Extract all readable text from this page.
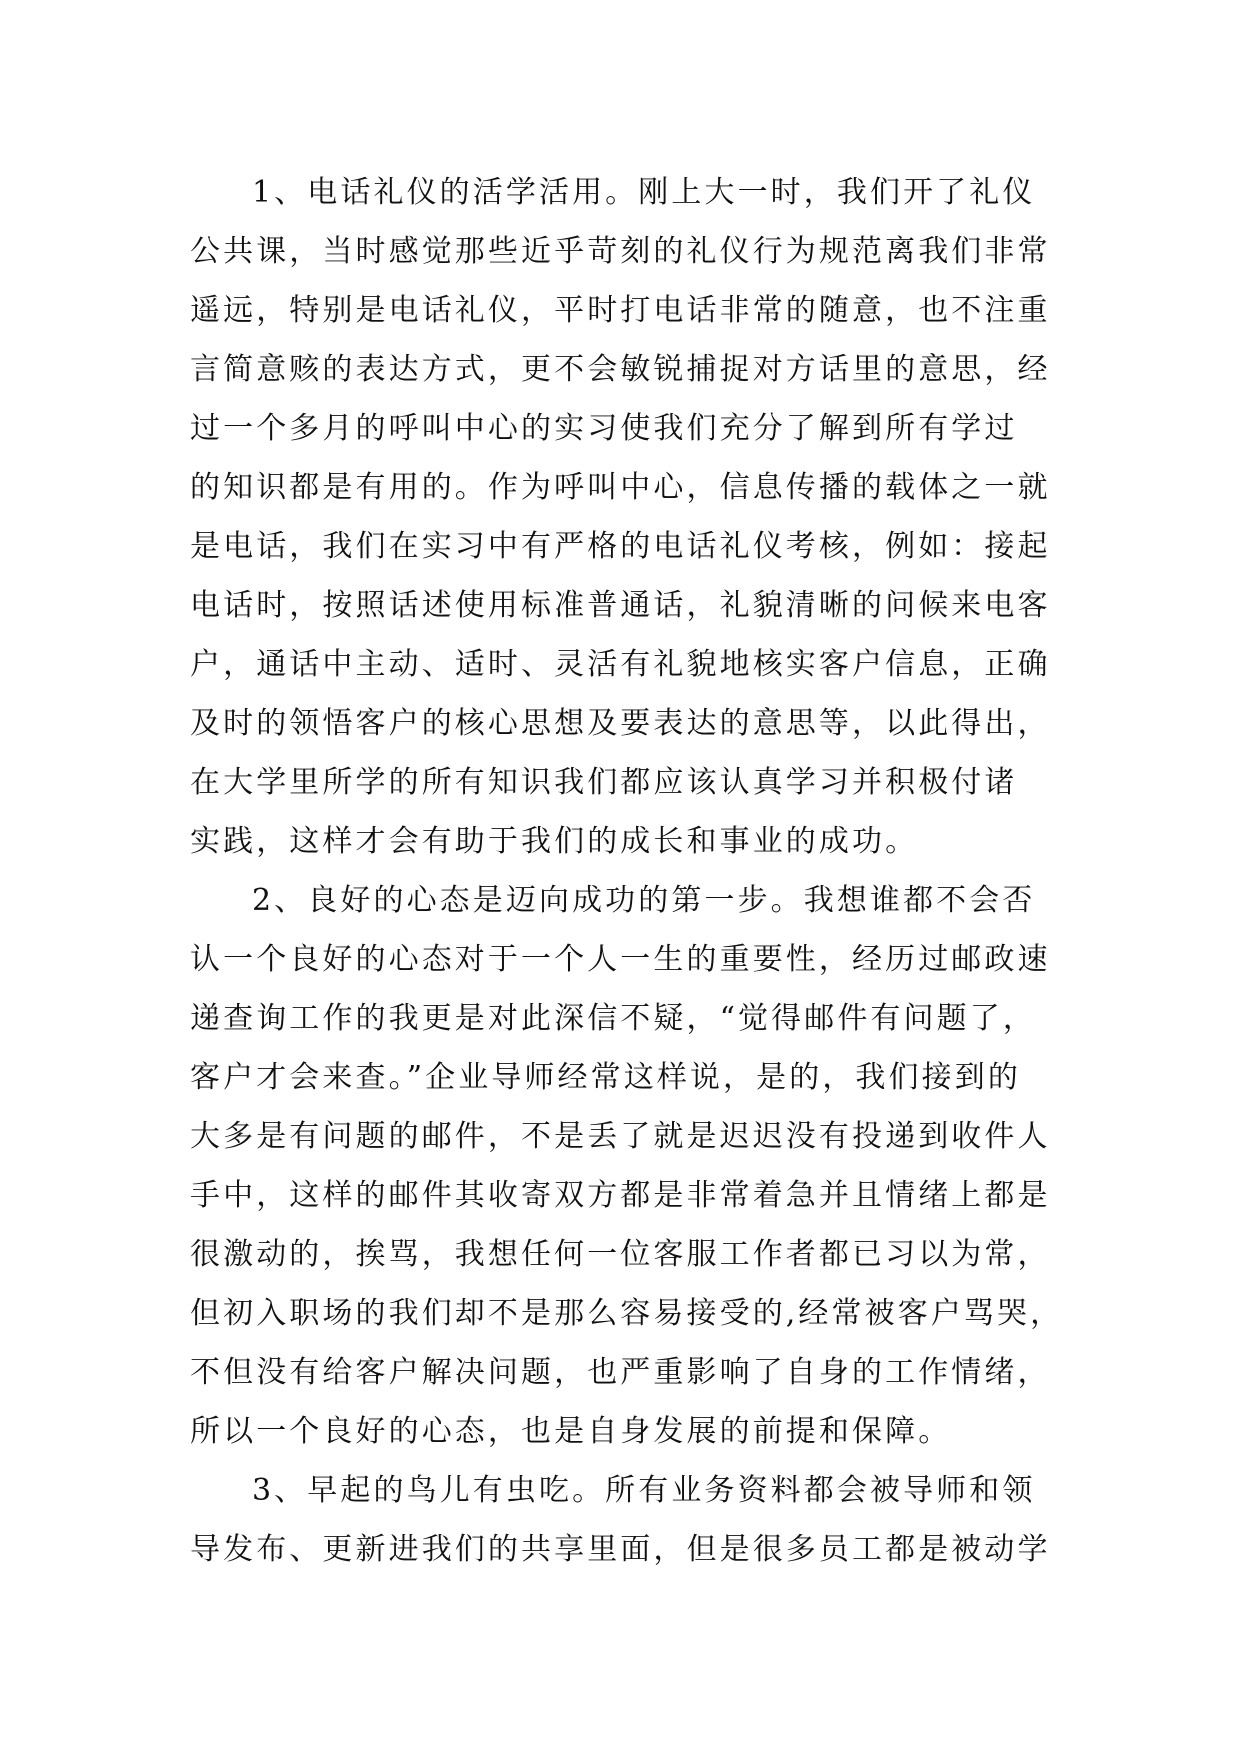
1、电话礼仪的活学活用。刚上大一时，我们开了礼仪
公共课，当时感觉那些近乎苛刻的礼仪行为规范离我们非常
遥远，特别是电话礼仪，平时打电话非常的随意，也不注重
言简意赅的表达方式，更不会敏锐捕捉对方话里的意思，经
过一个多月的呼叫中心的实习使我们充分了解到所有学过
的知识都是有用的。作为呼叫中心，信息传播的载体之一就
是电话，我们在实习中有严格的电话礼仪考核，例如：接起
电话时，按照话述使用标准普通话，礼貌清晰的问候来电客
户，通话中主动、适时、灵活有礼貌地核实客户信息，正确
及时的领悟客户的核心思想及要表达的意思等，以此得出，
在大学里所学的所有知识我们都应该认真学习并积极付诸
实践，这样才会有助于我们的成长和事业的成功。
2、良好的心态是迈向成功的第一步。我想谁都不会否
认一个良好的心态对于一个人一生的重要性，经历过邮政速
递查询工作的我更是对此深信不疑，“觉得邮件有问题了，
客户才会来查。”企业导师经常这样说，是的，我们接到的
大多是有问题的邮件，不是丢了就是迟迟没有投递到收件人
手中，这样的邮件其收寄双方都是非常着急并且情绪上都是
很激动的，挨骂，我想任何一位客服工作者都已习以为常，
但初入职场的我们却不是那么容易接受的,经常被客户骂哭，
不但没有给客户解决问题，也严重影响了自身的工作情绪，
所以一个良好的心态，也是自身发展的前提和保障。
3、早起的鸟儿有虫吃。所有业务资料都会被导师和领
导发布、更新进我们的共享里面，但是很多员工都是被动学
